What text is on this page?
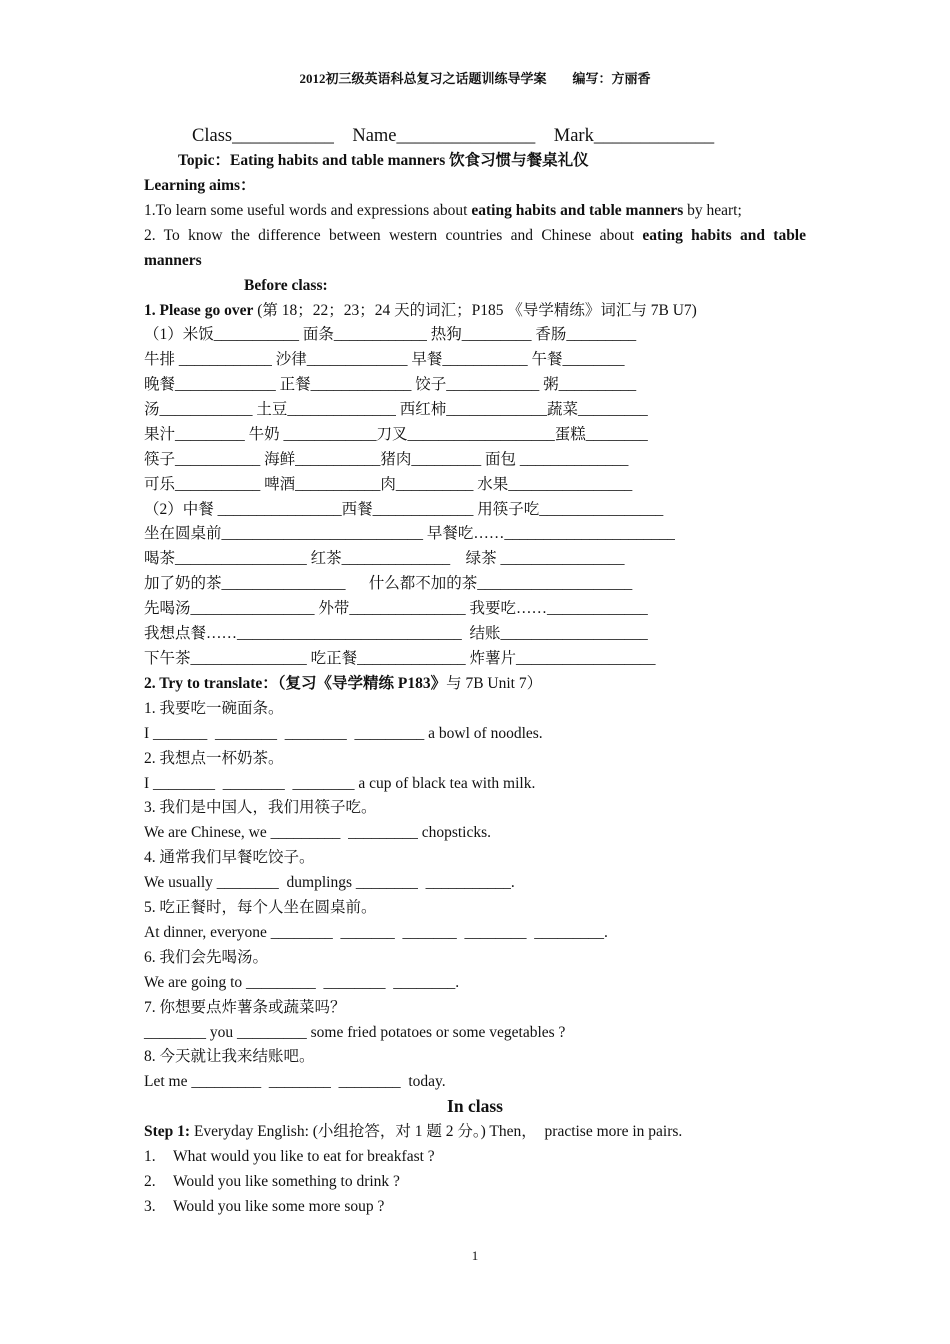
2012初三级英语科总复习之话题训练导学案        编写：方丽香
Class___________    Name_______________    Mark_____________
Topic：Eating habits and table manners 饮食习惯与餐桌礼仪
Learning aims：
1.To learn some useful words and expressions about eating habits and table manners by heart;
2. To know the difference between western countries and Chinese about eating habits and table
manners
Before class:
1. Please go over (第 18；22；23；24 天的词汇；P185 《导学精练》词汇与 7B U7)
（1）米饭___________ 面条____________ 热狗_________ 香肠_________
牛排 ____________ 沙律_____________ 早餐___________ 午餐________
晚餐_____________ 正餐_____________ 饺子____________ 粥__________
汤____________ 土豆______________ 西红柿_____________蔬菜_________
果汁_________ 牛奶 ____________刀叉___________________蛋糕________
筷子___________ 海鲜___________猪肉_________ 面包 ______________
可乐___________ 啤酒___________肉__________ 水果________________
（2）中餐 ________________西餐_____________ 用筷子吃________________
坐在圆桌前__________________________ 早餐吃……______________________
喝茶_________________ 红茶______________    绿茶 ________________
加了奶的茶________________      什么都不加的茶____________________
先喝汤________________ 外带_______________ 我要吃……_____________
我想点餐……_____________________________  结账___________________
下午茶_______________ 吃正餐______________ 炸薯片__________________
2. Try to translate：（复习《导学精练 P183》与 7B Unit 7）
1. 我要吃一碗面条。
I _______  ________  ________  _________ a bowl of noodles.
2. 我想点一杯奶茶。
I ________  ________  ________ a cup of black tea with milk.
3. 我们是中国人，我们用筷子吃。
We are Chinese, we _________  _________ chopsticks.
4. 通常我们早餐吃饺子。
We usually ________  dumplings ________  ___________.
5. 吃正餐时，每个人坐在圆桌前。
At dinner, everyone ________  _______  _______  ________  _________.
6. 我们会先喝汤。
We are going to _________  ________  ________.
7. 你想要点炸薯条或蔬菜吗？
________ you _________ some fried potatoes or some vegetables ?
8. 今天就让我来结账吧。
Let me _________  ________  ________  today.
In class
Step 1: Everyday English: (小组抢答，对 1 题 2 分。) Then，  practise more in pairs.
1. What would you like to eat for breakfast ?
2. Would you like something to drink ?
3. Would you like some more soup ?
1
